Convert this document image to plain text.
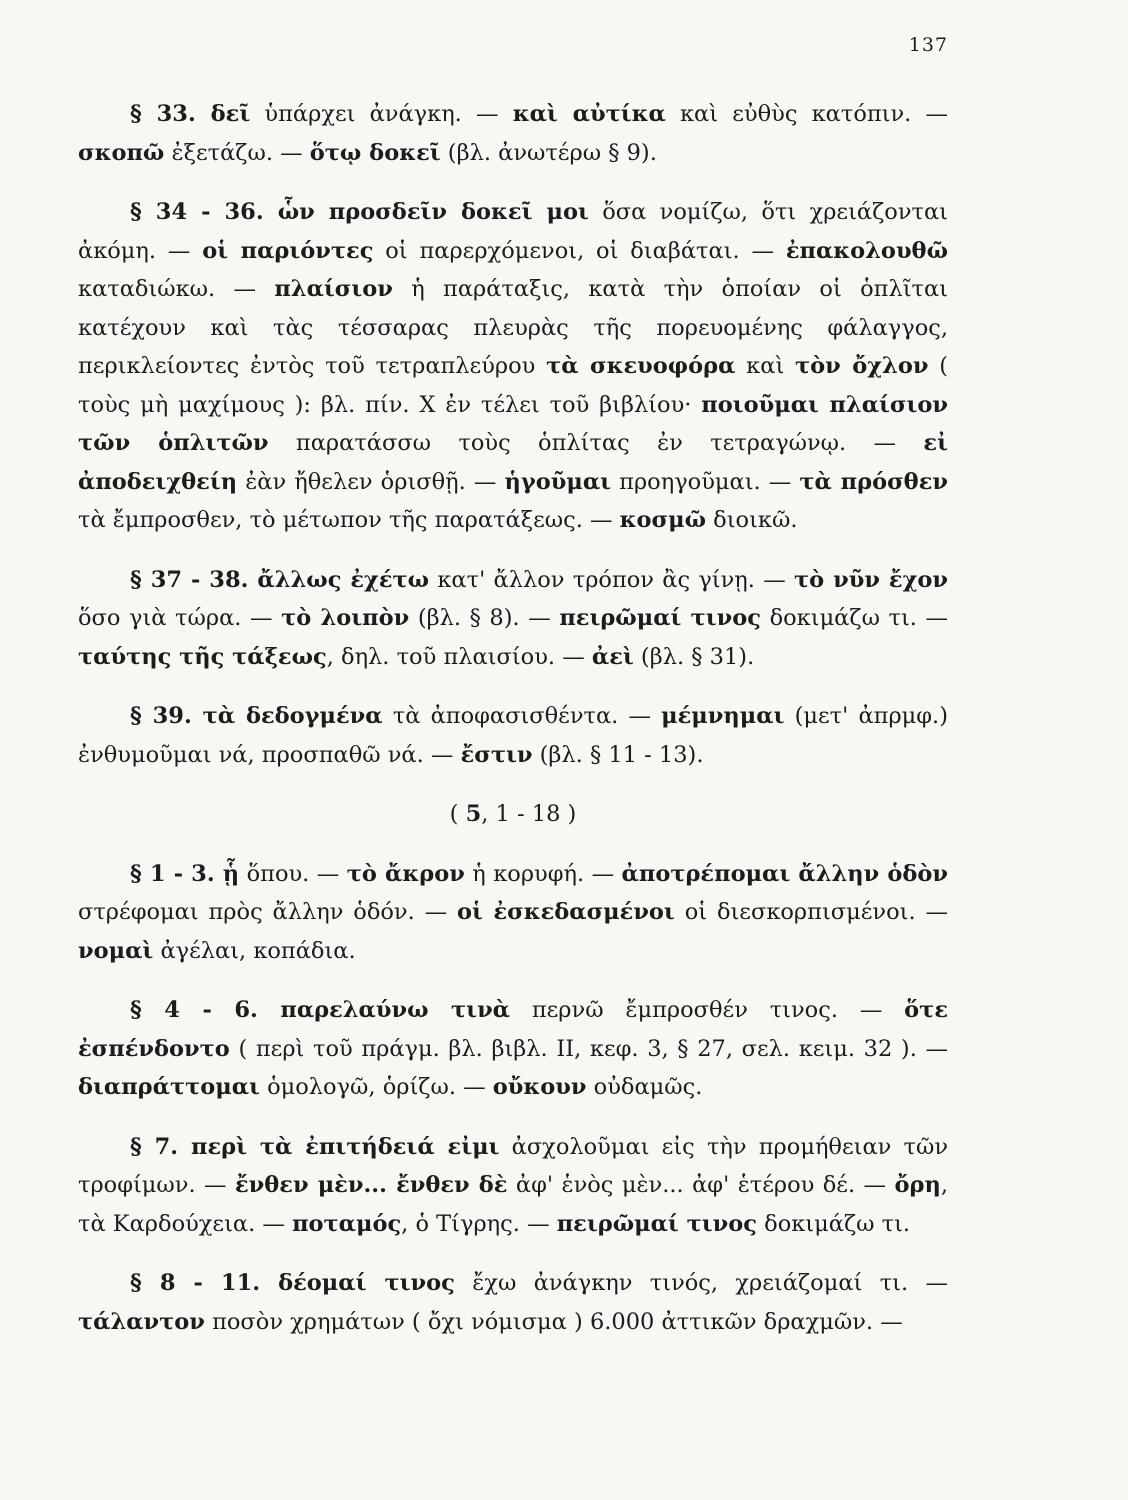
137

§ 33. δεῖ ὑπάρχει ἀνάγκη. — καὶ αὐτίκα καὶ εὐθὺς κατόπιν. — σκοπῶ ἐξετάζω. — ὅτῳ δοκεῖ (βλ. ἀνωτέρω § 9).

§ 34 - 36. ὧν προσδεῖν δοκεῖ μοι ὅσα νομίζω, ὅτι χρειάζονται ἀκόμη. — οἱ παριόντες οἱ παρερχόμενοι, οἱ διαβάται. — ἐπακολουθῶ καταδιώκω. — πλαίσιον ἡ παράταξις, κατὰ τὴν ὁποίαν οἱ ὁπλῖται κατέχουν καὶ τὰς τέσσαρας πλευρὰς τῆς πορευομένης φάλαγγος, περικλείοντες ἐντὸς τοῦ τετραπλεύρου τὰ σκευοφόρα καὶ τὸν ὄχλον ( τοὺς μὴ μαχίμους ): βλ. πίν. Χ ἐν τέλει τοῦ βιβλίου· ποιοῦμαι πλαίσιον τῶν ὁπλιτῶν παρατάσσω τοὺς ὁπλίτας ἐν τετραγώνῳ. — εἰ ἀποδειχθείη ἐὰν ἤθελεν ὁρισθῇ. — ἡγοῦμαι προηγοῦμαι. — τὰ πρόσθεν τὰ ἔμπροσθεν, τὸ μέτωπον τῆς παρατάξεως. — κοσμῶ διοικῶ.

§ 37 - 38. ἄλλως ἐχέτω κατ' ἄλλον τρόπον ἂς γίνῃ. — τὸ νῦν ἔχον ὅσο γιὰ τώρα. — τὸ λοιπὸν (βλ. § 8). — πειρῶμαί τινος δοκιμάζω τι. — ταύτης τῆς τάξεως, δηλ. τοῦ πλαισίου. — ἀεὶ (βλ. § 31).

§ 39. τὰ δεδογμένα τὰ ἀποφασισθέντα. — μέμνημαι (μετ' ἀπρμφ.) ἐνθυμοῦμαι νά, προσπαθῶ νά. — ἔστιν (βλ. § 11 - 13).

( 5, 1 - 18 )

§ 1 - 3. ᾗ ὅπου. — τὸ ἄκρον ἡ κορυφή. — ἀποτρέπομαι ἄλλην ὁδὸν στρέφομαι πρὸς ἄλλην ὁδόν. — οἱ ἐσκεδασμένοι οἱ διεσκορπισμένοι. — νομαὶ ἀγέλαι, κοπάδια.

§ 4 - 6. παρελαύνω τινὰ περνῶ ἔμπροσθέν τινος. — ὅτε ἐσπένδοντο ( περὶ τοῦ πράγμ. βλ. βιβλ. ΙΙ, κεφ. 3, § 27, σελ. κειμ. 32 ). — διαπράττομαι ὁμολογῶ, ὁρίζω. — οὔκουν οὐδαμῶς.

§ 7. περὶ τὰ ἐπιτήδειά εἰμι ἀσχολοῦμαι εἰς τὴν προμήθειαν τῶν τροφίμων. — ἔνθεν μὲν... ἔνθεν δὲ ἀφ' ἑνὸς μὲν... ἀφ' ἑτέρου δέ. — ὄρη, τὰ Καρδούχεια. — ποταμός, ὁ Τίγρης. — πειρῶμαί τινος δοκιμάζω τι.

§ 8 - 11. δέομαί τινος ἔχω ἀνάγκην τινός, χρειάζομαί τι. — τάλαντον ποσὸν χρημάτων ( ὄχι νόμισμα ) 6.000 ἀττικῶν δραχμῶν. —
